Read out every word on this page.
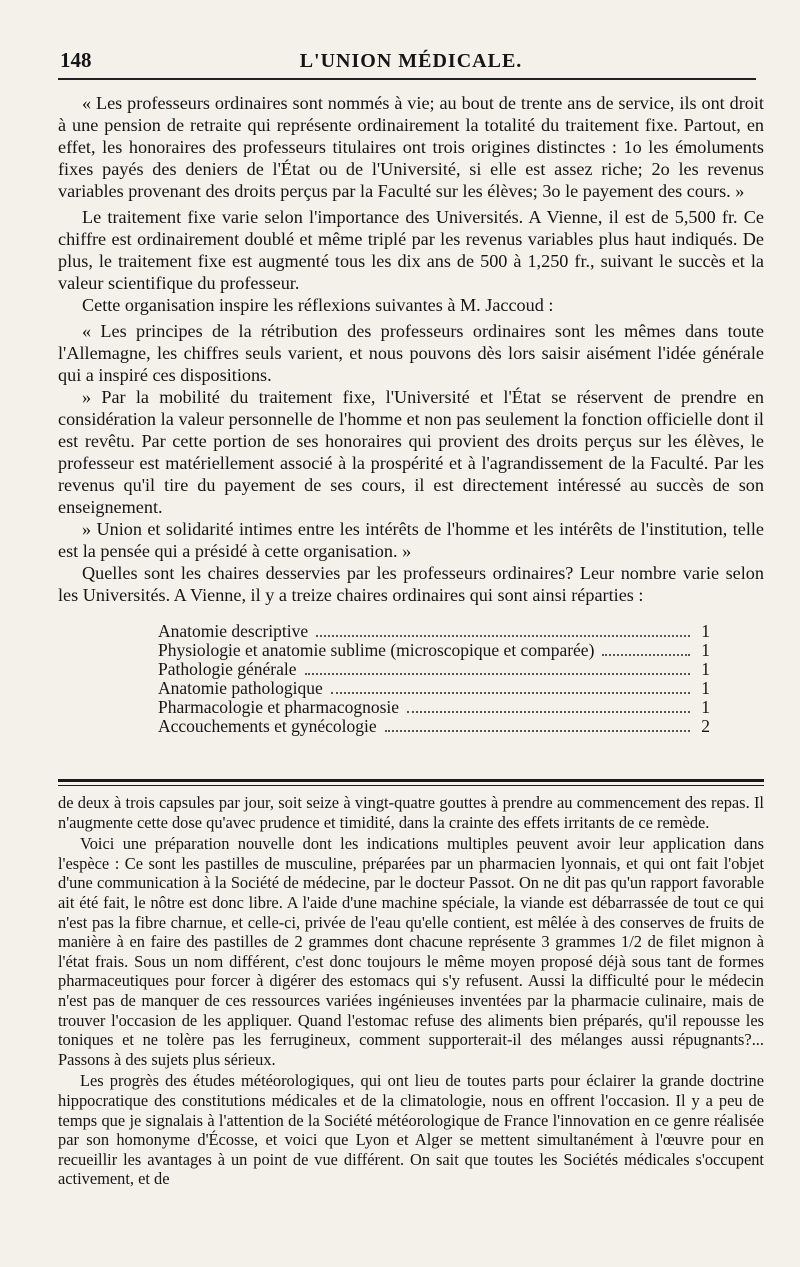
148	L'UNION MÉDICALE.

« Les professeurs ordinaires sont nommés à vie; au bout de trente ans de service, ils ont droit à une pension de retraite qui représente ordinairement la totalité du traitement fixe. Partout, en effet, les honoraires des professeurs titulaires ont trois origines distinctes : 1o les émoluments fixes payés des deniers de l'État ou de l'Université, si elle est assez riche; 2o les revenus variables provenant des droits perçus par la Faculté sur les élèves; 3o le payement des cours. »

Le traitement fixe varie selon l'importance des Universités. A Vienne, il est de 5,500 fr. Ce chiffre est ordinairement doublé et même triplé par les revenus variables plus haut indiqués. De plus, le traitement fixe est augmenté tous les dix ans de 500 à 1,250 fr., suivant le succès et la valeur scientifique du professeur.

Cette organisation inspire les réflexions suivantes à M. Jaccoud :

« Les principes de la rétribution des professeurs ordinaires sont les mêmes dans toute l'Allemagne, les chiffres seuls varient, et nous pouvons dès lors saisir aisément l'idée générale qui a inspiré ces dispositions.

» Par la mobilité du traitement fixe, l'Université et l'État se réservent de prendre en considération la valeur personnelle de l'homme et non pas seulement la fonction officielle dont il est revêtu. Par cette portion de ses honoraires qui provient des droits perçus sur les élèves, le professeur est matériellement associé à la prospérité et à l'agrandissement de la Faculté. Par les revenus qu'il tire du payement de ses cours, il est directement intéressé au succès de son enseignement.

» Union et solidarité intimes entre les intérêts de l'homme et les intérêts de l'institution, telle est la pensée qui a présidé à cette organisation. »

Quelles sont les chaires desservies par les professeurs ordinaires? Leur nombre varie selon les Universités. A Vienne, il y a treize chaires ordinaires qui sont ainsi réparties :

Anatomie descriptive	1
Physiologie et anatomie sublime (microscopique et comparée)	1
Pathologie générale	1
Anatomie pathologique	1
Pharmacologie et pharmacognosie	1
Accouchements et gynécologie	2

de deux à trois capsules par jour, soit seize à vingt-quatre gouttes à prendre au commencement des repas. Il n'augmente cette dose qu'avec prudence et timidité, dans la crainte des effets irritants de ce remède.

Voici une préparation nouvelle dont les indications multiples peuvent avoir leur application dans l'espèce : Ce sont les pastilles de musculine, préparées par un pharmacien lyonnais, et qui ont fait l'objet d'une communication à la Société de médecine, par le docteur Passot. On ne dit pas qu'un rapport favorable ait été fait, le nôtre est donc libre. A l'aide d'une machine spéciale, la viande est débarrassée de tout ce qui n'est pas la fibre charnue, et celle-ci, privée de l'eau qu'elle contient, est mêlée à des conserves de fruits de manière à en faire des pastilles de 2 grammes dont chacune représente 3 grammes 1/2 de filet mignon à l'état frais. Sous un nom différent, c'est donc toujours le même moyen proposé déjà sous tant de formes pharmaceutiques pour forcer à digérer des estomacs qui s'y refusent. Aussi la difficulté pour le médecin n'est pas de manquer de ces ressources variées ingénieuses inventées par la pharmacie culinaire, mais de trouver l'occasion de les appliquer. Quand l'estomac refuse des aliments bien préparés, qu'il repousse les toniques et ne tolère pas les ferrugineux, comment supporterait-il des mélanges aussi répugnants?... Passons à des sujets plus sérieux.

Les progrès des études météorologiques, qui ont lieu de toutes parts pour éclairer la grande doctrine hippocratique des constitutions médicales et de la climatologie, nous en offrent l'occasion. Il y a peu de temps que je signalais à l'attention de la Société météorologique de France l'innovation en ce genre réalisée par son homonyme d'Écosse, et voici que Lyon et Alger se mettent simultanément à l'œuvre pour en recueillir les avantages à un point de vue différent. On sait que toutes les Sociétés médicales s'occupent activement, et de
